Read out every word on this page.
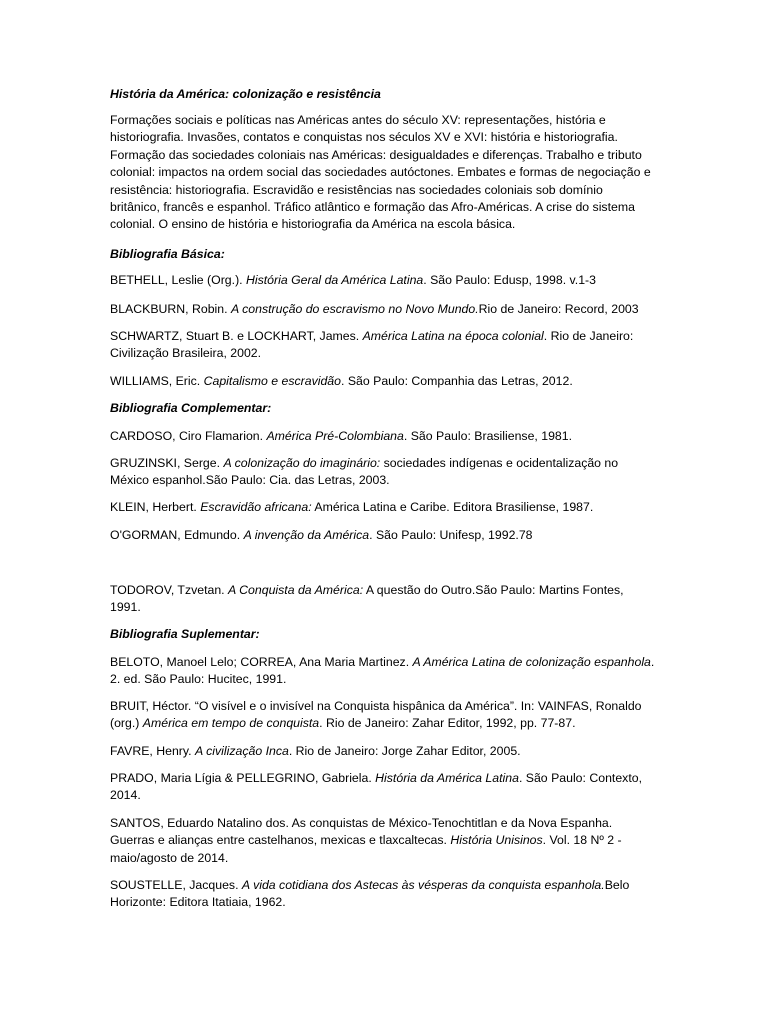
História da América: colonização e resistência

Formações sociais e políticas nas Américas antes do século XV: representações, história e historiografia. Invasões, contatos e conquistas nos séculos XV e XVI: história e historiografia. Formação das sociedades coloniais nas Américas: desigualdades e diferenças. Trabalho e tributo colonial: impactos na ordem social das sociedades autóctones. Embates e formas de negociação e resistência: historiografia. Escravidão e resistências nas sociedades coloniais sob domínio britânico, francês e espanhol. Tráfico atlântico e formação das Afro-Américas. A crise do sistema colonial. O ensino de história e historiografia da América na escola básica.

Bibliografia Básica:

BETHELL, Leslie (Org.). História Geral da América Latina. São Paulo: Edusp, 1998. v.1-3

BLACKBURN, Robin. A construção do escravismo no Novo Mundo.Rio de Janeiro: Record, 2003

SCHWARTZ, Stuart B. e LOCKHART, James. América Latina na época colonial. Rio de Janeiro: Civilização Brasileira, 2002.

WILLIAMS, Eric. Capitalismo e escravidão. São Paulo: Companhia das Letras, 2012.

Bibliografia Complementar:

CARDOSO, Ciro Flamarion. América Pré-Colombiana. São Paulo: Brasiliense, 1981.

GRUZINSKI, Serge. A colonização do imaginário: sociedades indígenas e ocidentalização no México espanhol.São Paulo: Cia. das Letras, 2003.

KLEIN, Herbert. Escravidão africana: América Latina e Caribe. Editora Brasiliense, 1987.

O'GORMAN, Edmundo. A invenção da América. São Paulo: Unifesp, 1992.78

TODOROV, Tzvetan. A Conquista da América: A questão do Outro.São Paulo: Martins Fontes, 1991.

Bibliografia Suplementar:

BELOTO, Manoel Lelo; CORREA, Ana Maria Martinez. A América Latina de colonização espanhola. 2. ed. São Paulo: Hucitec, 1991.

BRUIT, Héctor. “O visível e o invisível na Conquista hispânica da América”. In: VAINFAS, Ronaldo (org.) América em tempo de conquista. Rio de Janeiro: Zahar Editor, 1992, pp. 77-87.

FAVRE, Henry. A civilização Inca. Rio de Janeiro: Jorge Zahar Editor, 2005.

PRADO, Maria Lígia & PELLEGRINO, Gabriela. História da América Latina. São Paulo: Contexto, 2014.

SANTOS, Eduardo Natalino dos. As conquistas de México-Tenochtitlan e da Nova Espanha. Guerras e alianças entre castelhanos, mexicas e tlaxcaltecas. História Unisinos. Vol. 18 Nº 2 - maio/agosto de 2014.

SOUSTELLE, Jacques. A vida cotidiana dos Astecas às vésperas da conquista espanhola.Belo Horizonte: Editora Itatiaia, 1962.
